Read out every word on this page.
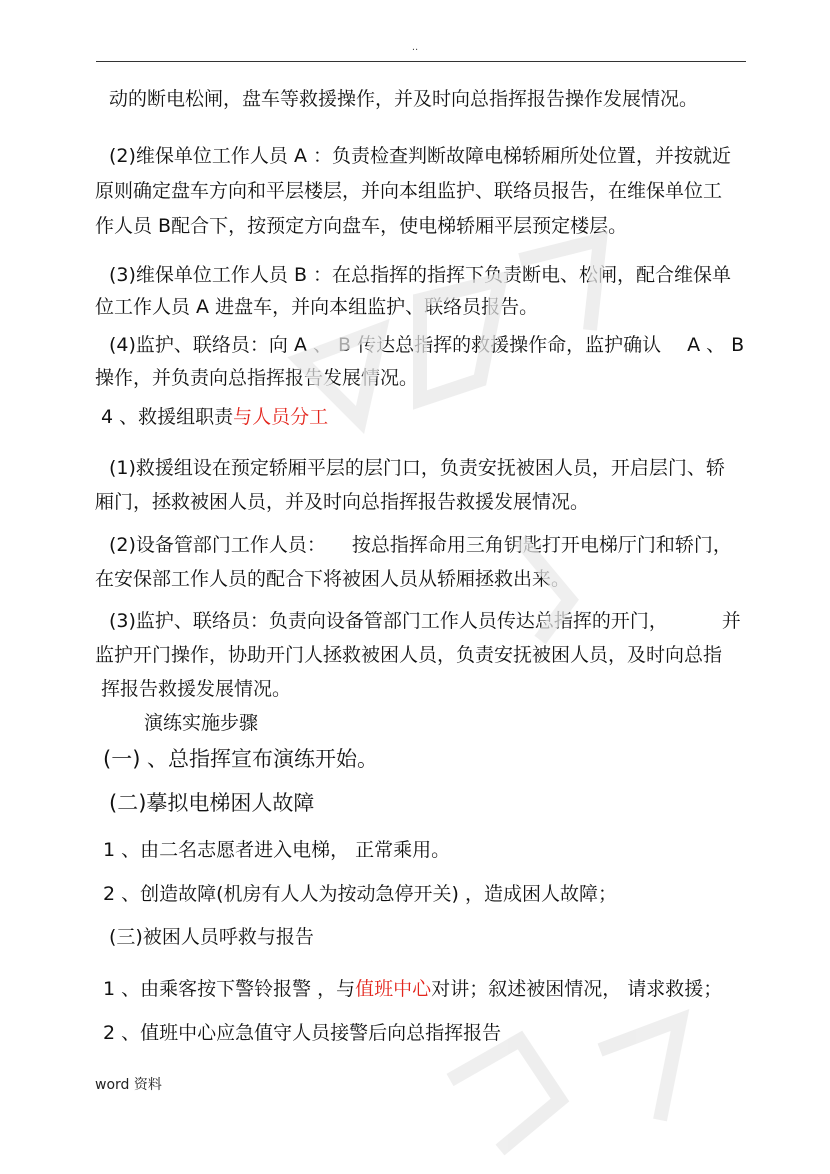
..
动的断电松闸，盘车等救援操作，并及时向总指挥报告操作发展情况。
(2)维保单位工作人员 A ：负责检查判断故障电梯轿厢所处位置，并按就近
原则确定盘车方向和平层楼层，并向本组监护、联络员报告，在维保单位工
作人员 B配合下，按预定方向盘车，使电梯轿厢平层预定楼层。
(3)维保单位工作人员 B ：在总指挥的指挥下负责断电、松闸，配合维保单
位工作人员 A 进盘车，并向本组监护、联络员报告。
(4)监护、联络员：向 A 、 B 传达总指挥的救援操作命，监护确认 A 、 B
操作，并负责向总指挥报告发展情况。
4 、救援组职责与人员分工
(1)救援组设在预定轿厢平层的层门口，负责安抚被困人员，开启层门、轿
厢门，拯救被困人员，并及时向总指挥报告救援发展情况。
(2)设备管部门工作人员： 按总指挥命用三角钥匙打开电梯厅门和轿门，
在安保部工作人员的配合下将被困人员从轿厢拯救出来。
(3)监护、联络员：负责向设备管部门工作人员传达总指挥的开门，	并
监护开门操作，协助开门人拯救被困人员，负责安抚被困人员，及时向总指
挥报告救援发展情况。
演练实施步骤
(一) 、总指挥宣布演练开始。
(二)摹拟电梯困人故障
1 、由二名志愿者进入电梯， 正常乘用。
2 、创造故障(机房有人人为按动急停开关) ，造成困人故障；
(三)被困人员呼救与报告
1 、由乘客按下警铃报警 ，与值班中心对讲；叙述被困情况， 请求救援；
2 、值班中心应急值守人员接警后向总指挥报告
word 资料
